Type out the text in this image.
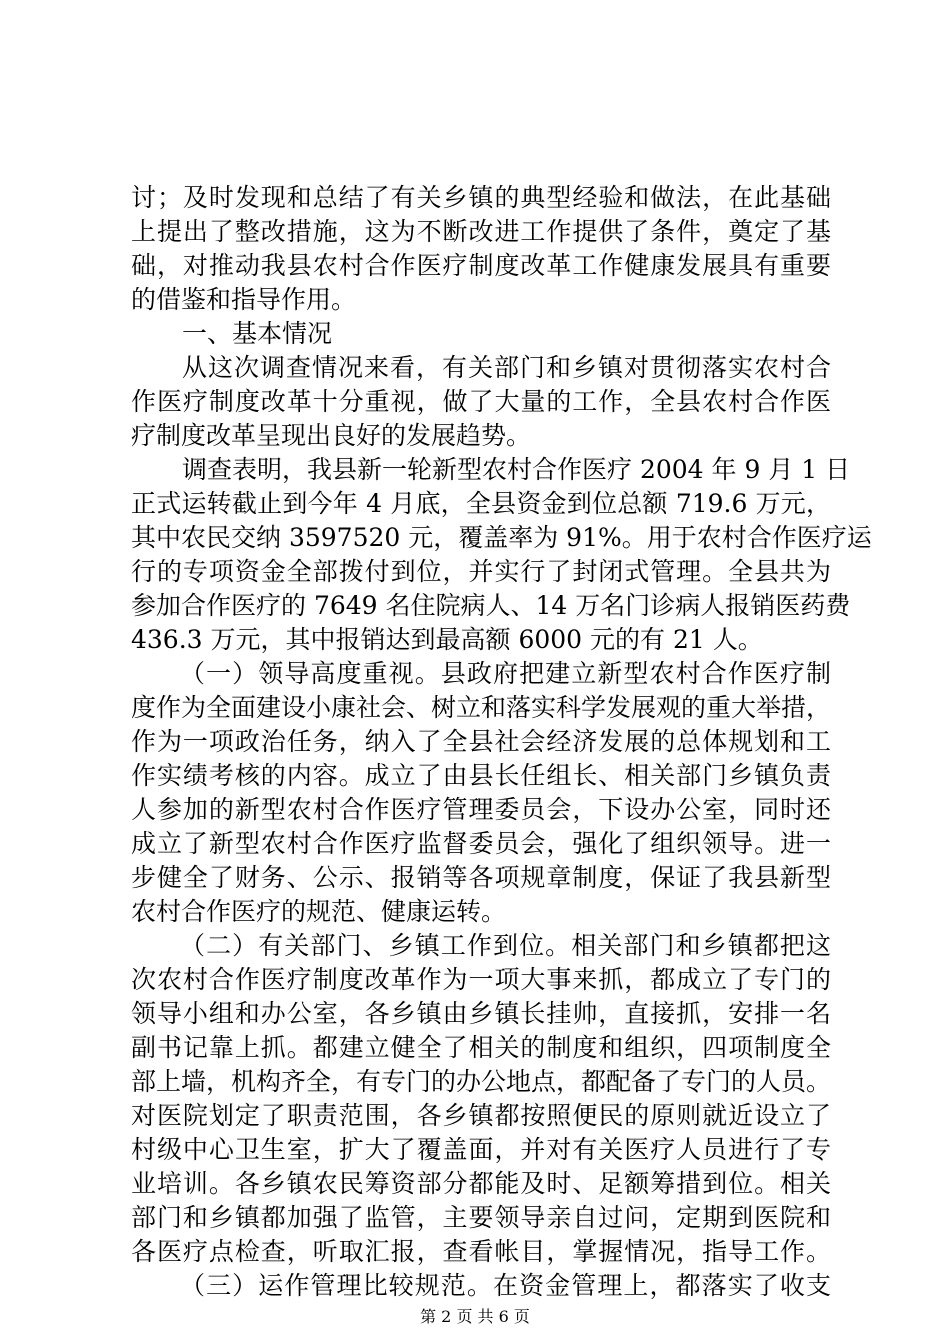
讨；及时发现和总结了有关乡镇的典型经验和做法，在此基础
上提出了整改措施，这为不断改进工作提供了条件，奠定了基
础，对推动我县农村合作医疗制度改革工作健康发展具有重要
的借鉴和指导作用。
一、基本情况
从这次调查情况来看，有关部门和乡镇对贯彻落实农村合
作医疗制度改革十分重视，做了大量的工作，全县农村合作医
疗制度改革呈现出良好的发展趋势。
调查表明，我县新一轮新型农村合作医疗 2004 年 9 月 1 日
正式运转截止到今年 4 月底，全县资金到位总额 719.6 万元，
其中农民交纳 3597520 元，覆盖率为 91%。用于农村合作医疗运
行的专项资金全部拨付到位，并实行了封闭式管理。全县共为
参加合作医疗的 7649 名住院病人、14 万名门诊病人报销医药费
436.3 万元，其中报销达到最高额 6000 元的有 21 人。
（一）领导高度重视。县政府把建立新型农村合作医疗制
度作为全面建设小康社会、树立和落实科学发展观的重大举措，
作为一项政治任务，纳入了全县社会经济发展的总体规划和工
作实绩考核的内容。成立了由县长任组长、相关部门乡镇负责
人参加的新型农村合作医疗管理委员会，下设办公室，同时还
成立了新型农村合作医疗监督委员会，强化了组织领导。进一
步健全了财务、公示、报销等各项规章制度，保证了我县新型
农村合作医疗的规范、健康运转。
（二）有关部门、乡镇工作到位。相关部门和乡镇都把这
次农村合作医疗制度改革作为一项大事来抓，都成立了专门的
领导小组和办公室，各乡镇由乡镇长挂帅，直接抓，安排一名
副书记靠上抓。都建立健全了相关的制度和组织，四项制度全
部上墙，机构齐全，有专门的办公地点，都配备了专门的人员。
对医院划定了职责范围，各乡镇都按照便民的原则就近设立了
村级中心卫生室，扩大了覆盖面，并对有关医疗人员进行了专
业培训。各乡镇农民筹资部分都能及时、足额筹措到位。相关
部门和乡镇都加强了监管，主要领导亲自过问，定期到医院和
各医疗点检查，听取汇报，查看帐目，掌握情况，指导工作。
（三）运作管理比较规范。在资金管理上，都落实了收支
第 2 页 共 6 页
